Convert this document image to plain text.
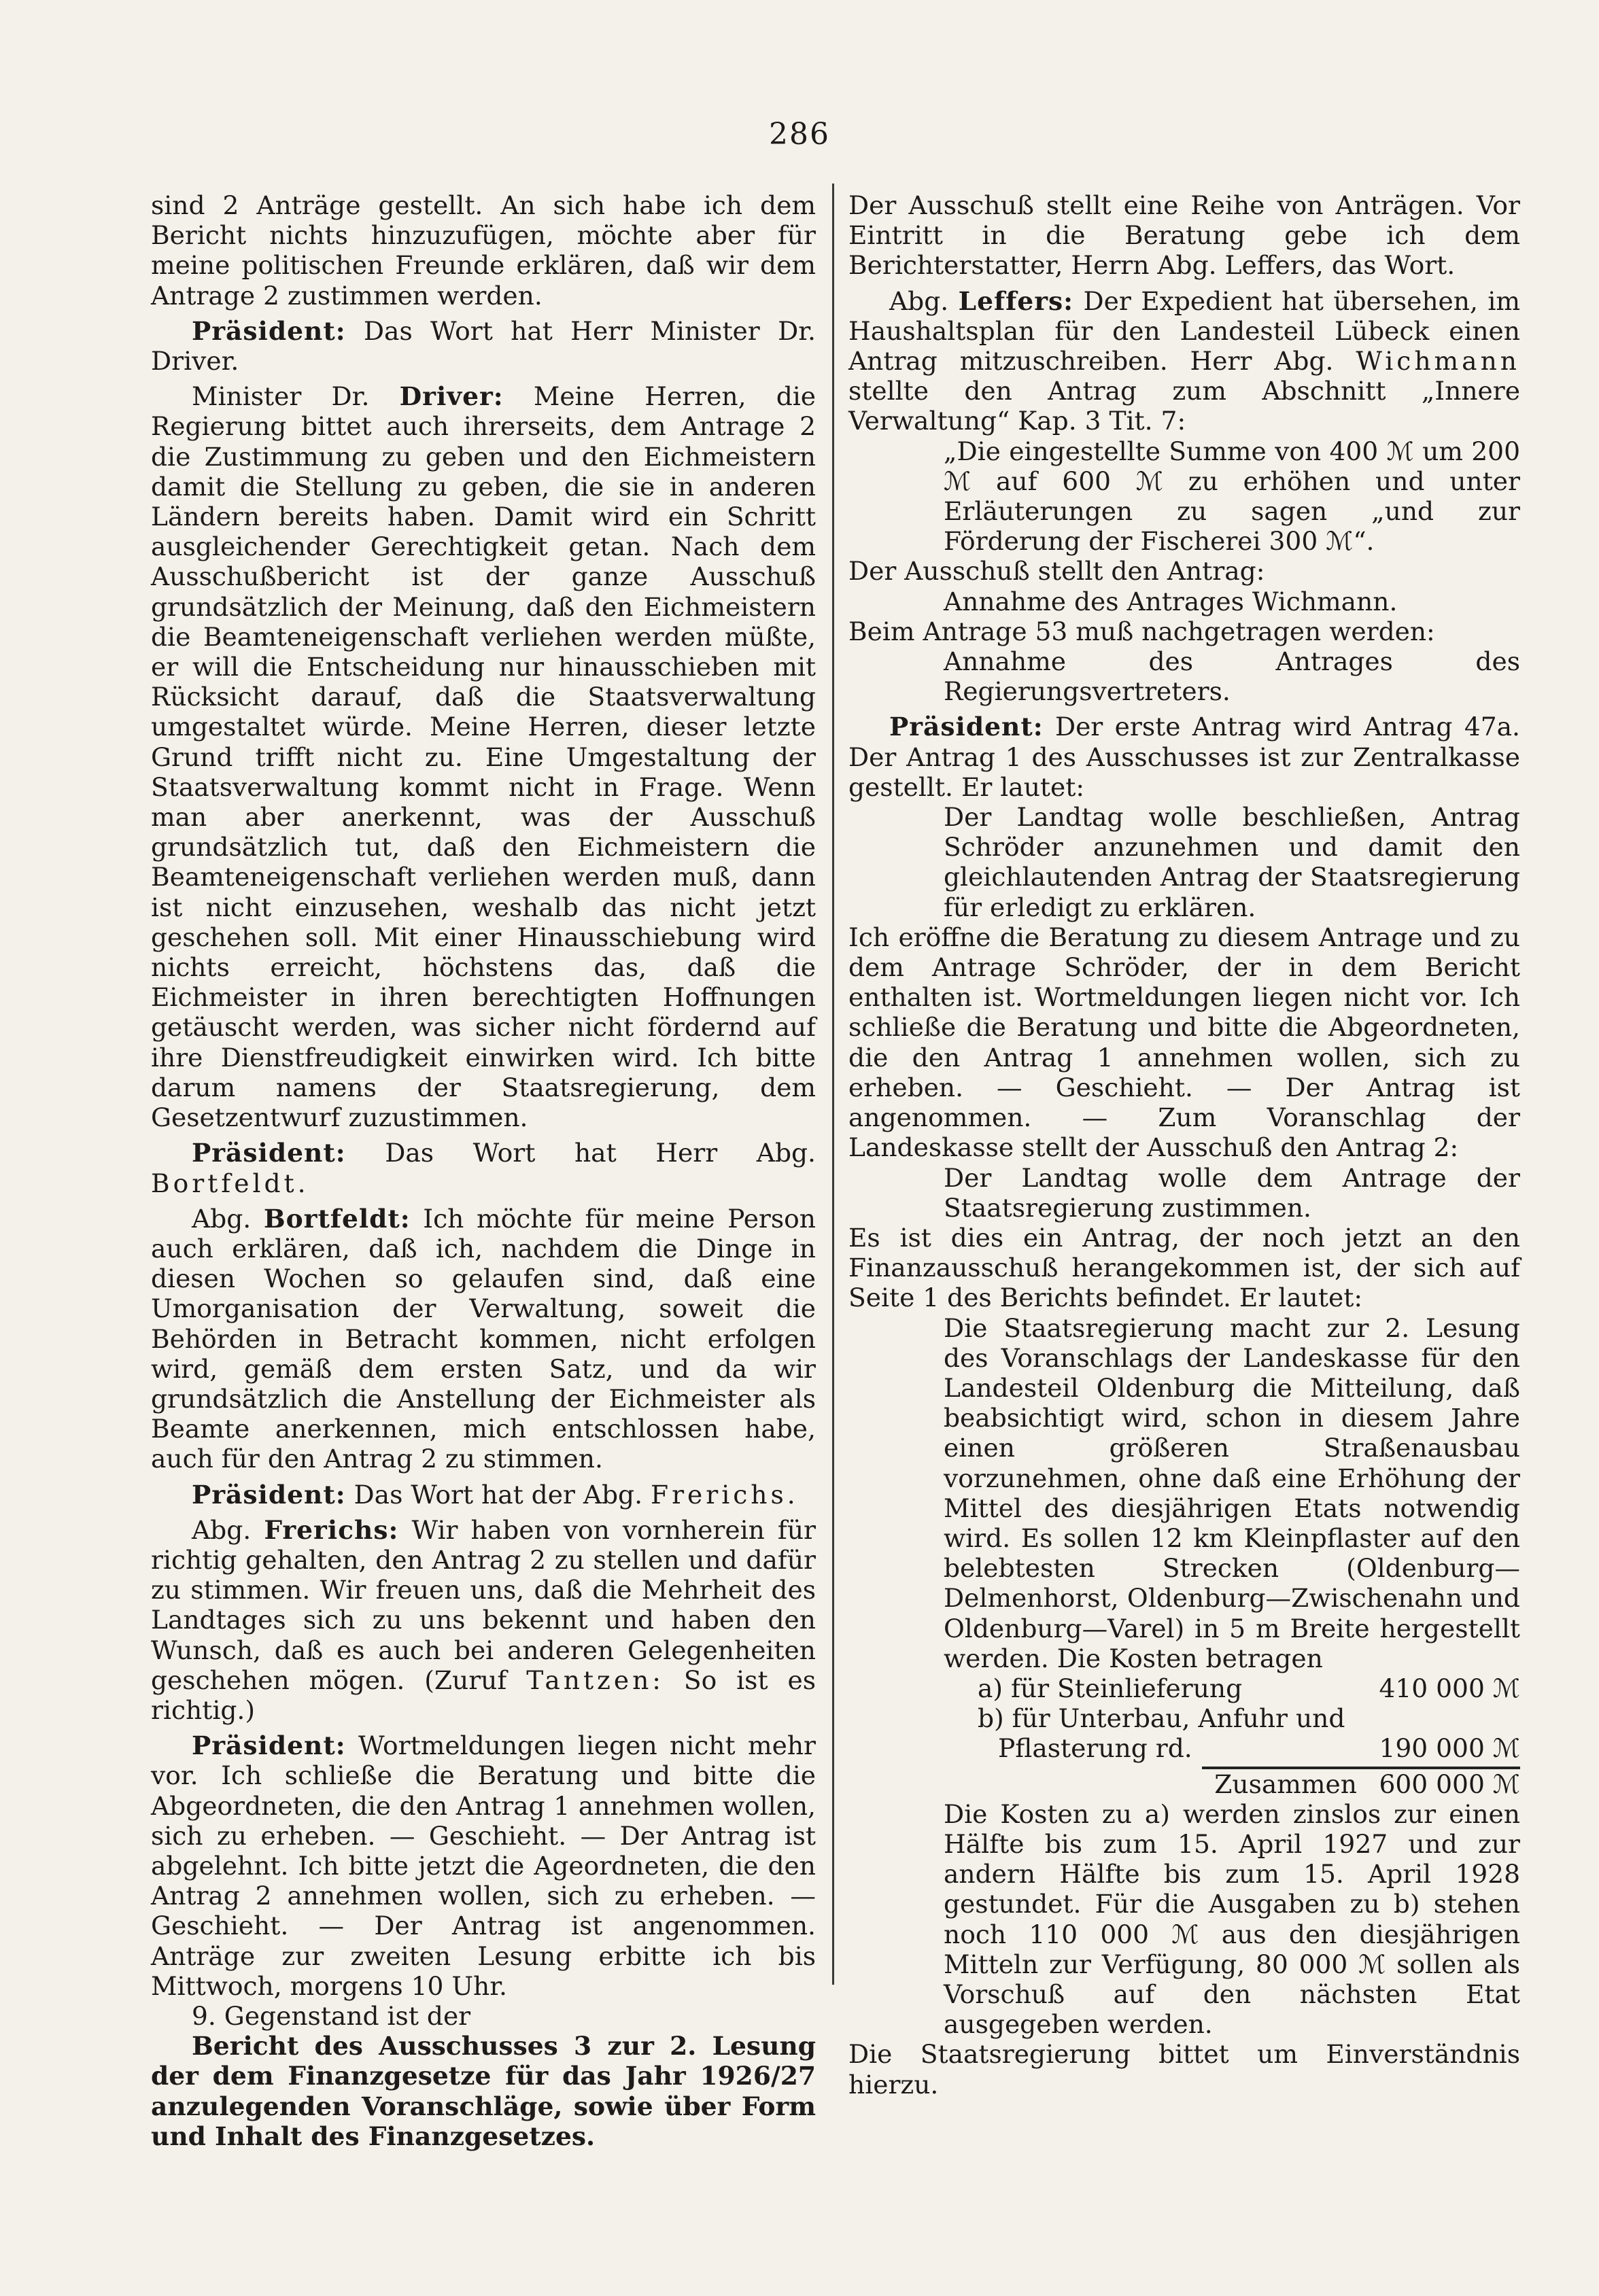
286

sind 2 Anträge gestellt. An sich habe ich dem Bericht nichts hinzuzufügen, möchte aber für meine politischen Freunde erklären, daß wir dem Antrage 2 zustimmen werden.

Präsident: Das Wort hat Herr Minister Dr. Driver.

Minister Dr. Driver: Meine Herren, die Regierung bittet auch ihrerseits, dem Antrage 2 die Zustimmung zu geben und den Eichmeistern damit die Stellung zu geben, die sie in anderen Ländern bereits haben. Damit wird ein Schritt ausgleichender Gerechtigkeit getan. Nach dem Ausschußbericht ist der ganze Ausschuß grundsätzlich der Meinung, daß den Eichmeistern die Beamteneigenschaft verliehen werden müßte, er will die Entscheidung nur hinausschieben mit Rücksicht darauf, daß die Staatsverwaltung umgestaltet würde. Meine Herren, dieser letzte Grund trifft nicht zu. Eine Umgestaltung der Staatsverwaltung kommt nicht in Frage. Wenn man aber anerkennt, was der Ausschuß grundsätzlich tut, daß den Eichmeistern die Beamteneigenschaft verliehen werden muß, dann ist nicht einzusehen, weshalb das nicht jetzt geschehen soll. Mit einer Hinausschiebung wird nichts erreicht, höchstens das, daß die Eichmeister in ihren berechtigten Hoffnungen getäuscht werden, was sicher nicht fördernd auf ihre Dienstfreudigkeit einwirken wird. Ich bitte darum namens der Staatsregierung, dem Gesetzentwurf zuzustimmen.

Präsident: Das Wort hat Herr Abg. Bortfeldt.

Abg. Bortfeldt: Ich möchte für meine Person auch erklären, daß ich, nachdem die Dinge in diesen Wochen so gelaufen sind, daß eine Umorganisation der Verwaltung, soweit die Behörden in Betracht kommen, nicht erfolgen wird, gemäß dem ersten Satz, und da wir grundsätzlich die Anstellung der Eichmeister als Beamte anerkennen, mich entschlossen habe, auch für den Antrag 2 zu stimmen.

Präsident: Das Wort hat der Abg. Frerichs.

Abg. Frerichs: Wir haben von vornherein für richtig gehalten, den Antrag 2 zu stellen und dafür zu stimmen. Wir freuen uns, daß die Mehrheit des Landtages sich zu uns bekennt und haben den Wunsch, daß es auch bei anderen Gelegenheiten geschehen mögen. (Zuruf Tantzen: So ist es richtig.)

Präsident: Wortmeldungen liegen nicht mehr vor. Ich schließe die Beratung und bitte die Abgeordneten, die den Antrag 1 annehmen wollen, sich zu erheben. — Geschieht. — Der Antrag ist abgelehnt. Ich bitte jetzt die Ageordneten, die den Antrag 2 annehmen wollen, sich zu erheben. — Geschieht. — Der Antrag ist angenommen. Anträge zur zweiten Lesung erbitte ich bis Mittwoch, morgens 10 Uhr.

9. Gegenstand ist der

Bericht des Ausschusses 3 zur 2. Lesung der dem Finanzgesetze für das Jahr 1926/27 anzulegenden Voranschläge, sowie über Form und Inhalt des Finanzgesetzes.

Der Ausschuß stellt eine Reihe von Anträgen. Vor Eintritt in die Beratung gebe ich dem Berichterstatter, Herrn Abg. Leffers, das Wort.

Abg. Leffers: Der Expedient hat übersehen, im Haushaltsplan für den Landesteil Lübeck einen Antrag mitzuschreiben. Herr Abg. Wichmann stellte den Antrag zum Abschnitt „Innere Verwaltung“ Kap. 3 Tit. 7:

„Die eingestellte Summe von 400 ℳ um 200 ℳ auf 600 ℳ zu erhöhen und unter Erläuterungen zu sagen „und zur Förderung der Fischerei 300 ℳ“.

Der Ausschuß stellt den Antrag:

Annahme des Antrages Wichmann.

Beim Antrage 53 muß nachgetragen werden:

Annahme des Antrages des Regierungsvertreters.

Präsident: Der erste Antrag wird Antrag 47a. Der Antrag 1 des Ausschusses ist zur Zentralkasse gestellt. Er lautet:

Der Landtag wolle beschließen, Antrag Schröder anzunehmen und damit den gleichlautenden Antrag der Staatsregierung für erledigt zu erklären.

Ich eröffne die Beratung zu diesem Antrage und zu dem Antrage Schröder, der in dem Bericht enthalten ist. Wortmeldungen liegen nicht vor. Ich schließe die Beratung und bitte die Abgeordneten, die den Antrag 1 annehmen wollen, sich zu erheben. — Geschieht. — Der Antrag ist angenommen. — Zum Voranschlag der Landeskasse stellt der Ausschuß den Antrag 2:

Der Landtag wolle dem Antrage der Staatsregierung zustimmen.

Es ist dies ein Antrag, der noch jetzt an den Finanzausschuß herangekommen ist, der sich auf Seite 1 des Berichts befindet. Er lautet:

Die Staatsregierung macht zur 2. Lesung des Voranschlags der Landeskasse für den Landesteil Oldenburg die Mitteilung, daß beabsichtigt wird, schon in diesem Jahre einen größeren Straßenausbau vorzunehmen, ohne daß eine Erhöhung der Mittel des diesjährigen Etats notwendig wird. Es sollen 12 km Kleinpflaster auf den belebtesten Strecken (Oldenburg—Delmenhorst, Oldenburg—Zwischenahn und Oldenburg—Varel) in 5 m Breite hergestellt werden. Die Kosten betragen

a) für Steinlieferung	410 000 ℳ
b) für Unterbau, Anfuhr und
Pflasterung rd.	190 000 ℳ
Zusammen 600 000 ℳ

Die Kosten zu a) werden zinslos zur einen Hälfte bis zum 15. April 1927 und zur andern Hälfte bis zum 15. April 1928 gestundet. Für die Ausgaben zu b) stehen noch 110 000 ℳ aus den diesjährigen Mitteln zur Verfügung, 80 000 ℳ sollen als Vorschuß auf den nächsten Etat ausgegeben werden.

Die Staatsregierung bittet um Einverständnis hierzu.
